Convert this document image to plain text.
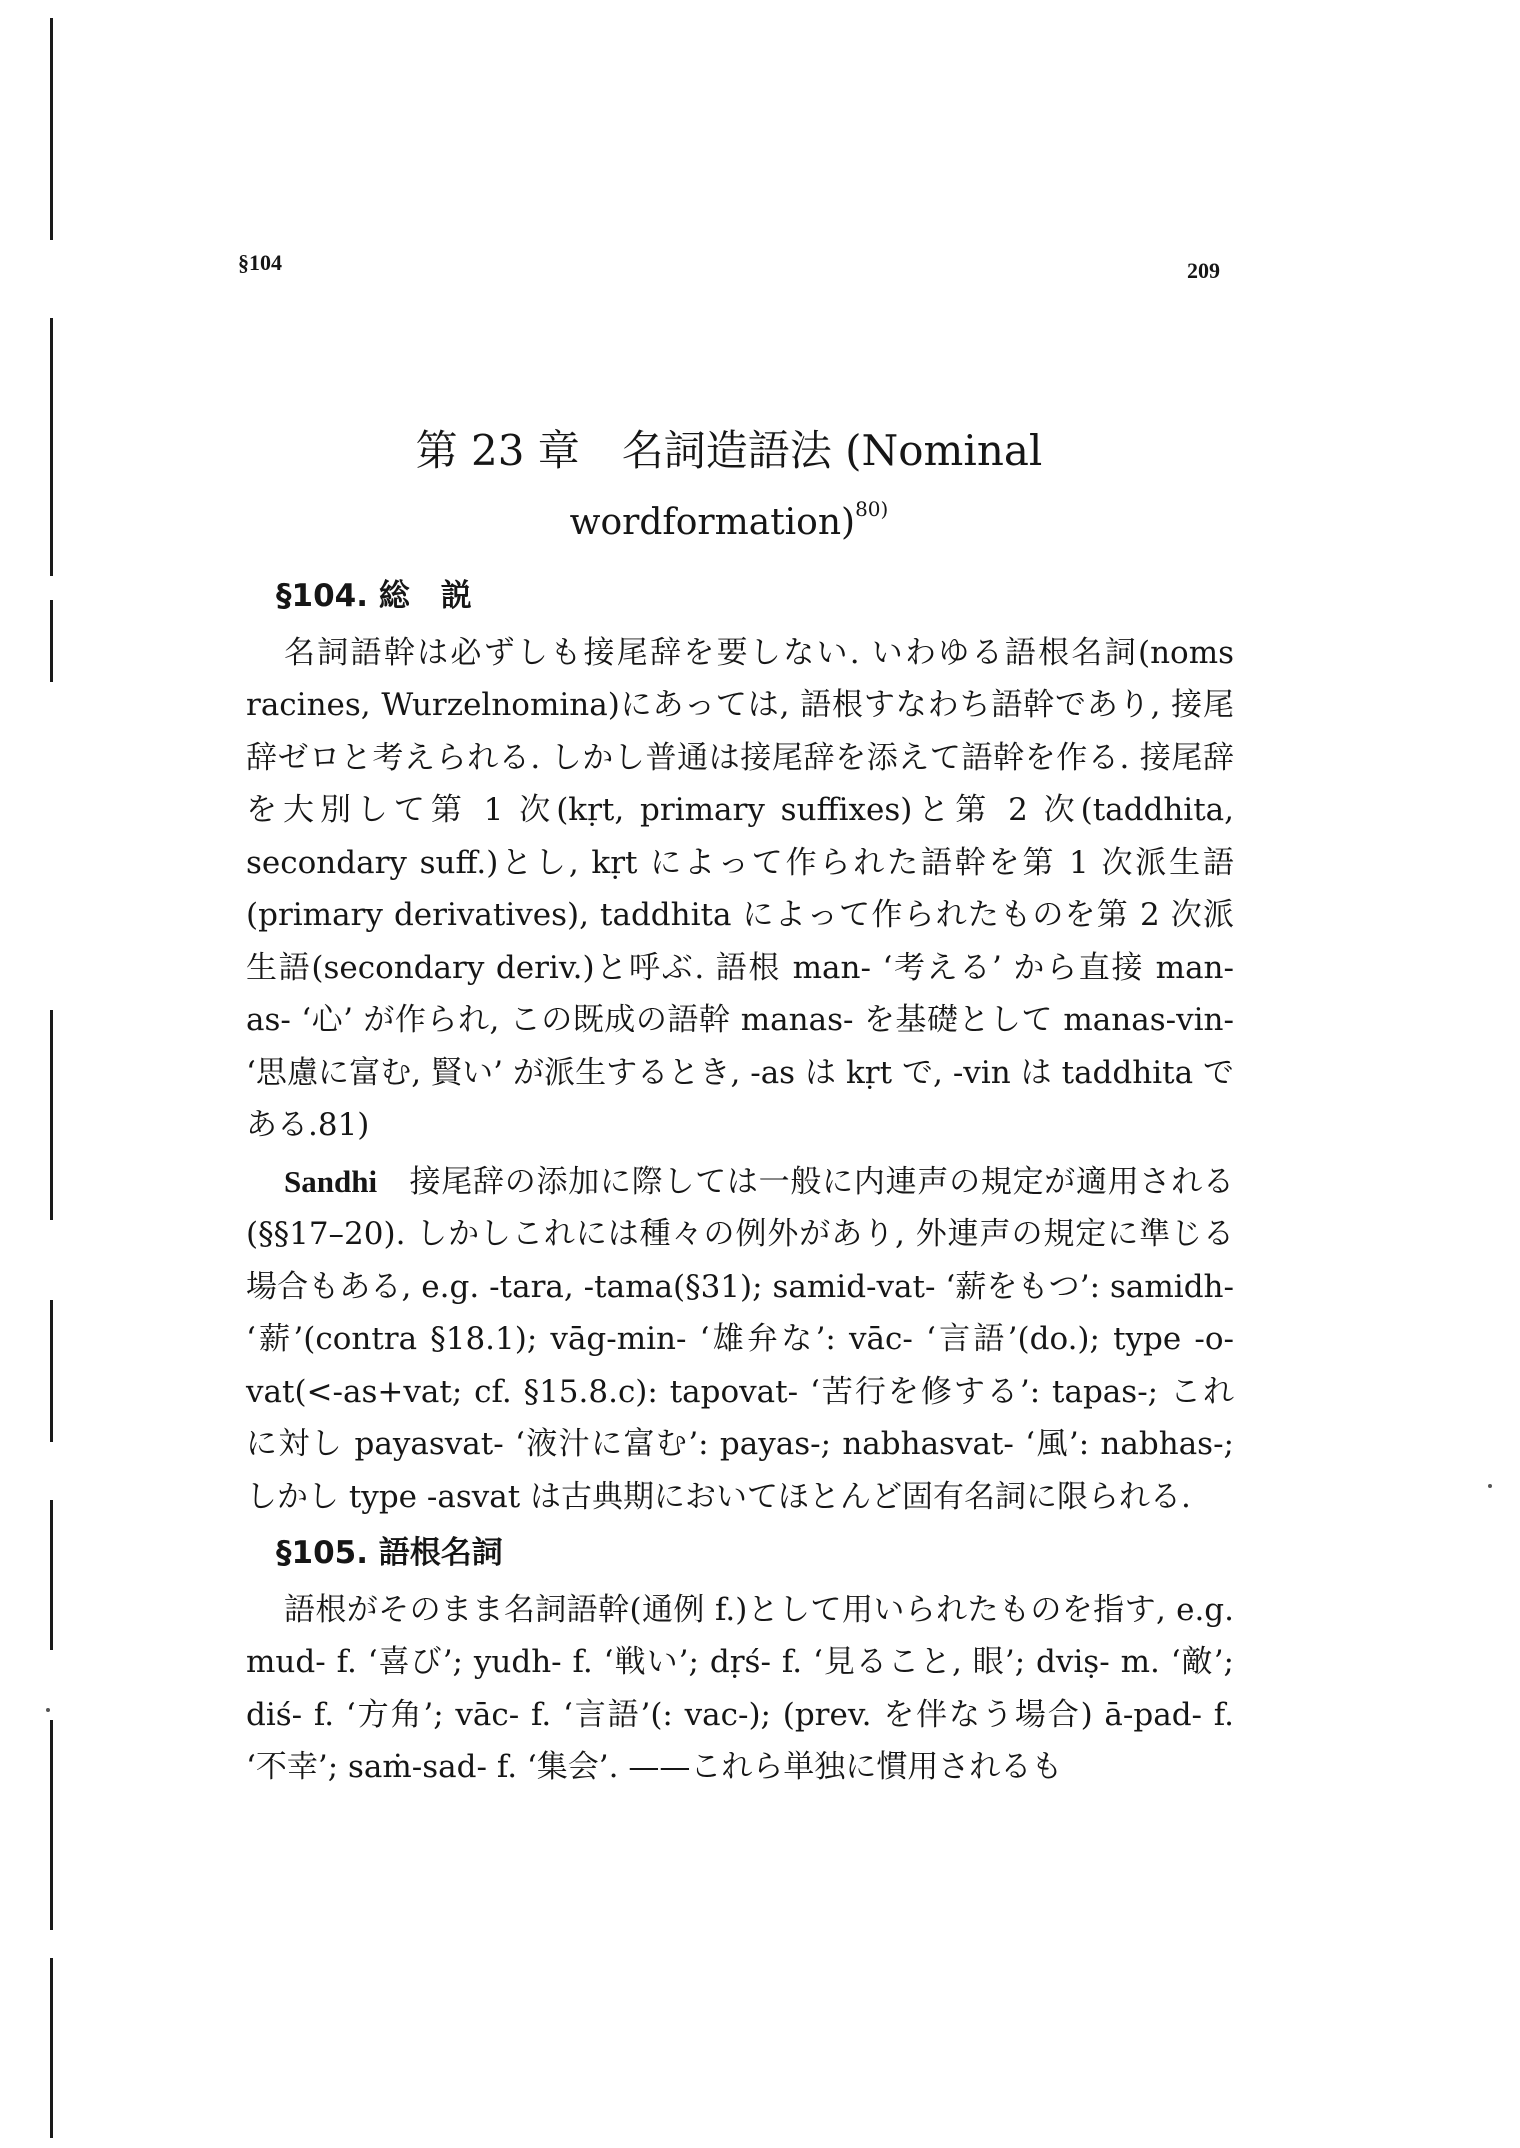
§104	209
第 23 章　名詞造語法 (Nominal
wordformation)$^{80)}$
§104. 総　説

名詞語幹は必ずしも接尾辞を要しない. いわゆる語根名詞(noms racines, Wurzelnomina)にあっては, 語根すなわち語幹であり, 接尾辞ゼロと考えられる. しかし普通は接尾辞を添えて語幹を作る. 接尾辞を大別して第 1 次(kṛt, primary suffixes)と第 2 次(taddhita, secondary suff.)とし, kṛt によって作られた語幹を第 1 次派生語(primary derivatives), taddhita によって作られたものを第 2 次派生語(secondary deriv.)と呼ぶ. 語根 man- ‘考える’ から直接 man-as- ‘心’ が作られ, この既成の語幹 manas- を基礎として manas-vin- ‘思慮に富む, 賢い’ が派生するとき, -as は kṛt で, -vin は taddhita である.81)

Sandhi　接尾辞の添加に際しては一般に内連声の規定が適用される (§§17–20). しかしこれには種々の例外があり, 外連声の規定に準じる場合もある, e.g. -tara, -tama(§31); samid-vat- ‘薪をもつ’: samidh- ‘薪’(contra §18.1); vāg-min- ‘雄弁な’: vāc- ‘言語’(do.); type -o-vat(<-as+vat; cf. §15.8.c): tapovat- ‘苦行を修する’: tapas-; これに対し payasvat- ‘液汁に富む’: payas-; nabhasvat- ‘風’: nabhas-; しかし type -asvat は古典期においてほとんど固有名詞に限られる.

§105. 語根名詞

語根がそのまま名詞語幹(通例 f.)として用いられたものを指す, e.g. mud- f. ‘喜び’; yudh- f. ‘戦い’; dṛś- f. ‘見ること, 眼’; dviṣ- m. ‘敵’; diś- f. ‘方角’; vāc- f. ‘言語’(: vac-); (prev. を伴なう場合) ā-pad- f. ‘不幸’; saṁ-sad- f. ‘集会’. ——これら単独に慣用されるも
